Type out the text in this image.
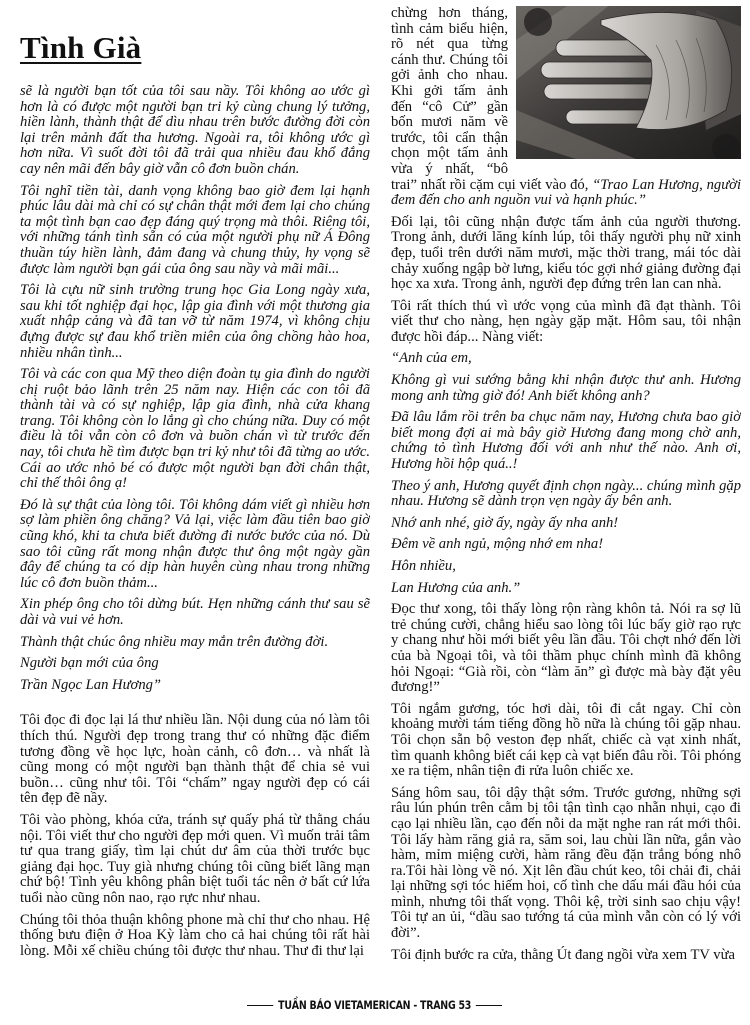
Tình Già

sẽ là người bạn tốt của tôi sau nầy. Tôi không ao ước gì hơn là có được một người bạn tri kỷ cùng chung lý tưởng, hiền lành, thành thật để dìu nhau trên bước đường đời còn lại trên mảnh đất tha hương. Ngoài ra, tôi không ước gì hơn nữa. Vì suốt đời tôi đã trải qua nhiều đau khổ đắng cay nên mãi đến bây giờ vẫn cô đơn buồn chán.

Tôi nghĩ tiền tài, danh vọng không bao giờ đem lại hạnh phúc lâu dài mà chỉ có sự chân thật mới đem lại cho chúng ta một tình bạn cao đẹp đáng quý trọng mà thôi. Riêng tôi, với những tánh tình sẵn có của một người phụ nữ Á Đông thuần túy hiền lành, đảm đang và chung thủy, hy vọng sẽ được làm người bạn gái của ông sau nầy và mãi mãi...

Tôi là cựu nữ sinh trường trung học Gia Long ngày xưa, sau khi tốt nghiệp đại học, lập gia đình với một thương gia xuất nhập cảng và đã tan vỡ từ năm 1974, vì không chịu đựng được sự đau khổ triền miên của ông chồng hào hoa, nhiều nhân tình...

Tôi và các con qua Mỹ theo diện đoàn tụ gia đình do người chị ruột bảo lãnh trên 25 năm nay. Hiện các con tôi đã thành tài và có sự nghiệp, lập gia đình, nhà cửa khang trang. Tôi không còn lo lắng gì cho chúng nữa. Duy có một điều là tôi vẫn còn cô đơn và buồn chán vì từ trước đến nay, tôi chưa hề tìm được bạn tri kỷ như tôi đã từng ao ước. Cái ao ước nhỏ bé có được một người bạn đời chân thật, chỉ thế thôi ông ạ!

Đó là sự thật của lòng tôi. Tôi không dám viết gì nhiều hơn sợ làm phiền ông chăng? Vả lại, việc làm đầu tiên bao giờ cũng khó, khi ta chưa biết đường đi nước bước của nó. Dù sao tôi cũng rất mong nhận được thư ông một ngày gần đây để chúng ta có dịp hàn huyên cùng nhau trong những lúc cô đơn buồn thảm...

Xin phép ông cho tôi dừng bút. Hẹn những cánh thư sau sẽ dài và vui vẻ hơn.

Thành thật chúc ông nhiều may mắn trên đường đời.

Người bạn mới của ông

Trần Ngọc Lan Hương”

Tôi đọc đi đọc lại lá thư nhiều lần. Nội dung của nó làm tôi thích thú. Người đẹp trong trang thư có những đặc điểm tương đồng về học lực, hoàn cảnh, cô đơn… và nhất là cũng mong có một người bạn thành thật để chia sẻ vui buồn… cũng như tôi. Tôi “chấm” ngay người đẹp có cái tên đẹp đẽ nầy.

Tôi vào phòng, khóa cửa, tránh sự quấy phá từ thằng cháu nội. Tôi viết thư cho người đẹp mới quen. Vì muốn trải tâm tư qua trang giấy, tìm lại chút dư âm của thời trước bục giảng đại học. Tuy già nhưng chúng tôi cũng biết lãng mạn chứ bộ! Tình yêu không phân biệt tuổi tác nên ở bất cứ lứa tuổi nào cũng nôn nao, rạo rực như nhau.

Chúng tôi thỏa thuận không phone mà chỉ thư cho nhau. Hệ thống bưu điện ở Hoa Kỳ làm cho cả hai chúng tôi rất hài lòng. Mỗi xế chiều chúng tôi được thư nhau. Thư đi thư lại

chừng hơn tháng, tình cảm biểu hiện, rõ nét qua từng cánh thư. Chúng tôi gởi ảnh cho nhau. Khi gởi tấm ảnh đến “cô Cử” gần bốn mươi năm về trước, tôi cẩn thận chọn một tấm ảnh vừa ý nhất, “bô trai” nhất rồi cặm cụi viết vào đó, “Trao Lan Hương, người đem đến cho anh nguồn vui và hạnh phúc.”

Đối lại, tôi cũng nhận được tấm ảnh của người thương. Trong ảnh, dưới lăng kính lúp, tôi thấy người phụ nữ xinh đẹp, tuổi trên dưới năm mươi, mặc thời trang, mái tóc dài chảy xuống ngập bờ lưng, kiểu tóc gợi nhớ giảng đường đại học xa xưa. Trong ảnh, người đẹp đứng trên lan can nhà.

Tôi rất thích thú vì ước vọng của mình đã đạt thành. Tôi viết thư cho nàng, hẹn ngày gặp mặt. Hôm sau, tôi nhận được hồi đáp... Nàng viết:

“Anh của em,

Không gì vui sướng bằng khi nhận được thư anh. Hương mong anh từng giờ đó! Anh biết không anh?

Đã lâu lắm rồi trên ba chục năm nay, Hương chưa bao giờ biết mong đợi ai mà bây giờ Hương đang mong chờ anh, chứng tỏ tình Hương đối với anh như thế nào. Anh ơi, Hương hồi hộp quá..!

Theo ý anh, Hương quyết định chọn ngày... chúng mình gặp nhau. Hương sẽ dành trọn vẹn ngày ấy bên anh.

Nhớ anh nhé, giờ ấy, ngày ấy nha anh!

Đêm về anh ngủ, mộng nhớ em nha!

Hôn nhiều,

Lan Hương của anh.”

Đọc thư xong, tôi thấy lòng rộn ràng khôn tả. Nói ra sợ lũ trẻ chúng cười, chẳng hiểu sao lòng tôi lúc bấy giờ rạo rực y chang như hồi mới biết yêu lần đầu. Tôi chợt nhớ đến lời của bà Ngoại tôi, và tôi thầm phục chính mình đã không hỏi Ngoại: “Già rồi, còn “làm ăn” gì được mà bày đặt yêu đương!”

Tôi ngắm gương, tóc hơi dài, tôi đi cắt ngay. Chỉ còn khoảng mười tám tiếng đồng hồ nữa là chúng tôi gặp nhau. Tôi chọn sẵn bộ veston đẹp nhất, chiếc cà vạt xinh nhất, tìm quanh không biết cái kẹp cà vạt biến đâu rồi. Tôi phóng xe ra tiệm, nhân tiện đi rửa luôn chiếc xe.

Sáng hôm sau, tôi dậy thật sớm. Trước gương, những sợi râu lún phún trên cằm bị tôi tận tình cạo nhẵn nhụi, cạo đi cạo lại nhiều lần, cạo đến nỗi da mặt nghe ran rát mới thôi. Tôi lấy hàm răng giả ra, săm soi, lau chùi lần nữa, gắn vào hàm, mỉm miệng cười, hàm răng đều đặn trắng bóng nhô ra.Tôi hài lòng về nó. Xịt lên đầu chút keo, tôi chải đi, chải lại những sợi tóc hiếm hoi, cố tình che dấu mái đầu hói của mình, nhưng tôi thất vọng. Thôi kệ, trời sinh sao chịu vậy! Tôi tự an ủi, “dầu sao tướng tá của mình vẫn còn có lý với đời”.

Tôi định bước ra cửa, thằng Út đang ngồi vừa xem TV vừa

TUẦN BÁO VIETAMERICAN - TRANG 53
